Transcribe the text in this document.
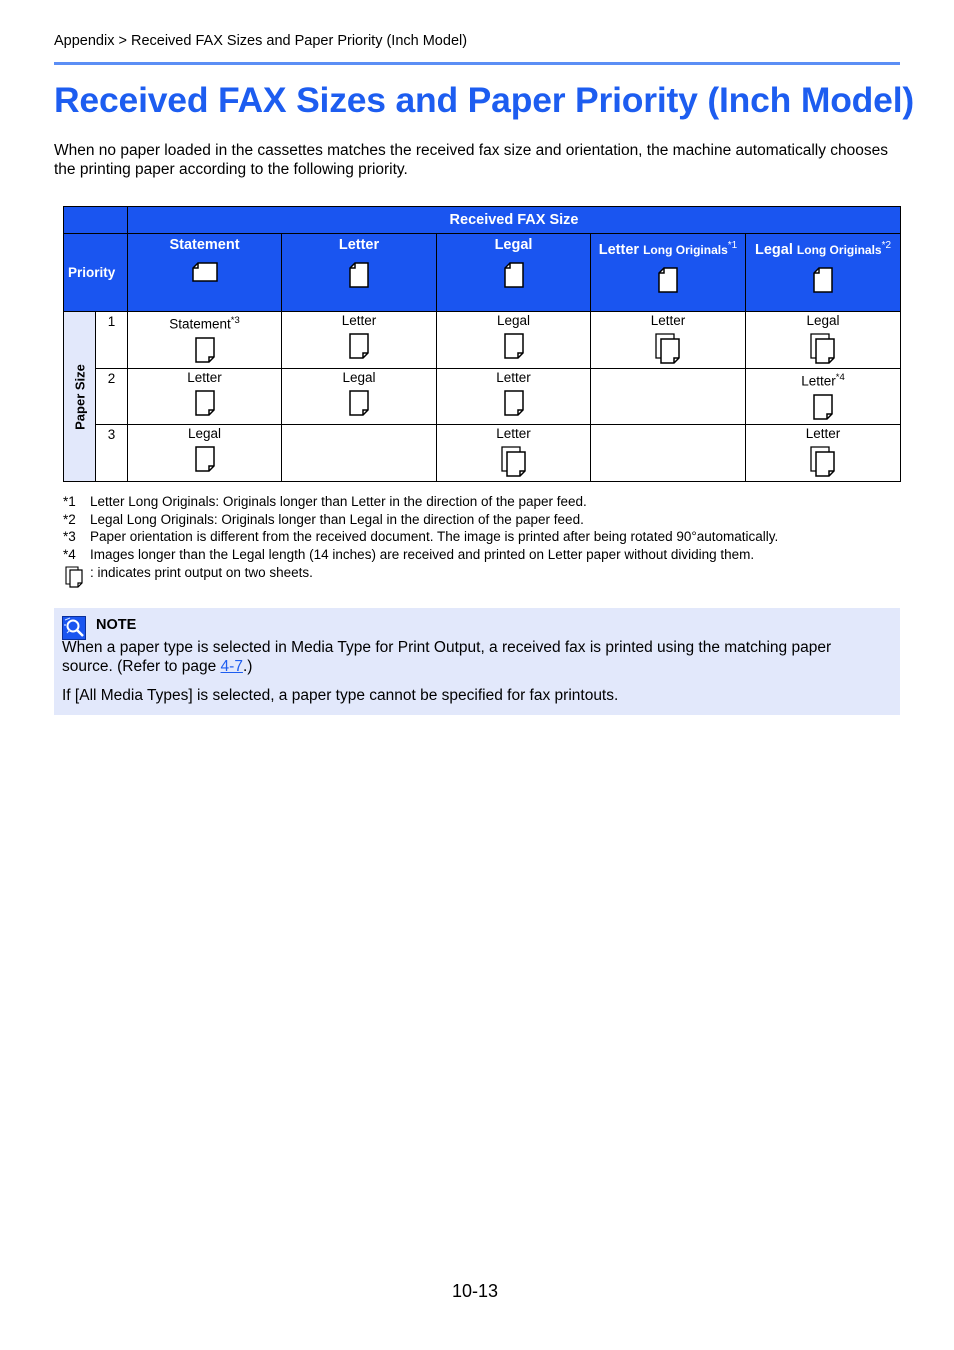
Appendix > Received FAX Sizes and Paper Priority (Inch Model)
Received FAX Sizes and Paper Priority (Inch Model)

When no paper loaded in the cassettes matches the received fax size and orientation, the machine automatically chooses the printing paper according to the following priority.

		Received FAX Size				
Priority		Statement	Letter	Legal	Letter Long Originals$^{*1}$	Legal Long Originals$^{*2}$

Paper Size	1	Statement$^{*3}$	Letter	Legal	Letter	Legal

	2	Letter	Legal	Letter		Letter$^{*4}$

	3	Legal		Letter		Letter
*1 Letter Long Originals: Originals longer than Letter in the direction of the paper feed.
*2 Legal Long Originals: Originals longer than Legal in the direction of the paper feed.
*3 Paper orientation is different from the received document. The image is printed after being rotated 90°automatically.
*4 Images longer than the Legal length (14 inches) are received and printed on Letter paper without dividing them.
: indicates print output on two sheets.
NOTE

When a paper type is selected in Media Type for Print Output, a received fax is printed using the matching paper source. (Refer to page 4-7.)

If [All Media Types] is selected, a paper type cannot be specified for fax printouts.

10-13
